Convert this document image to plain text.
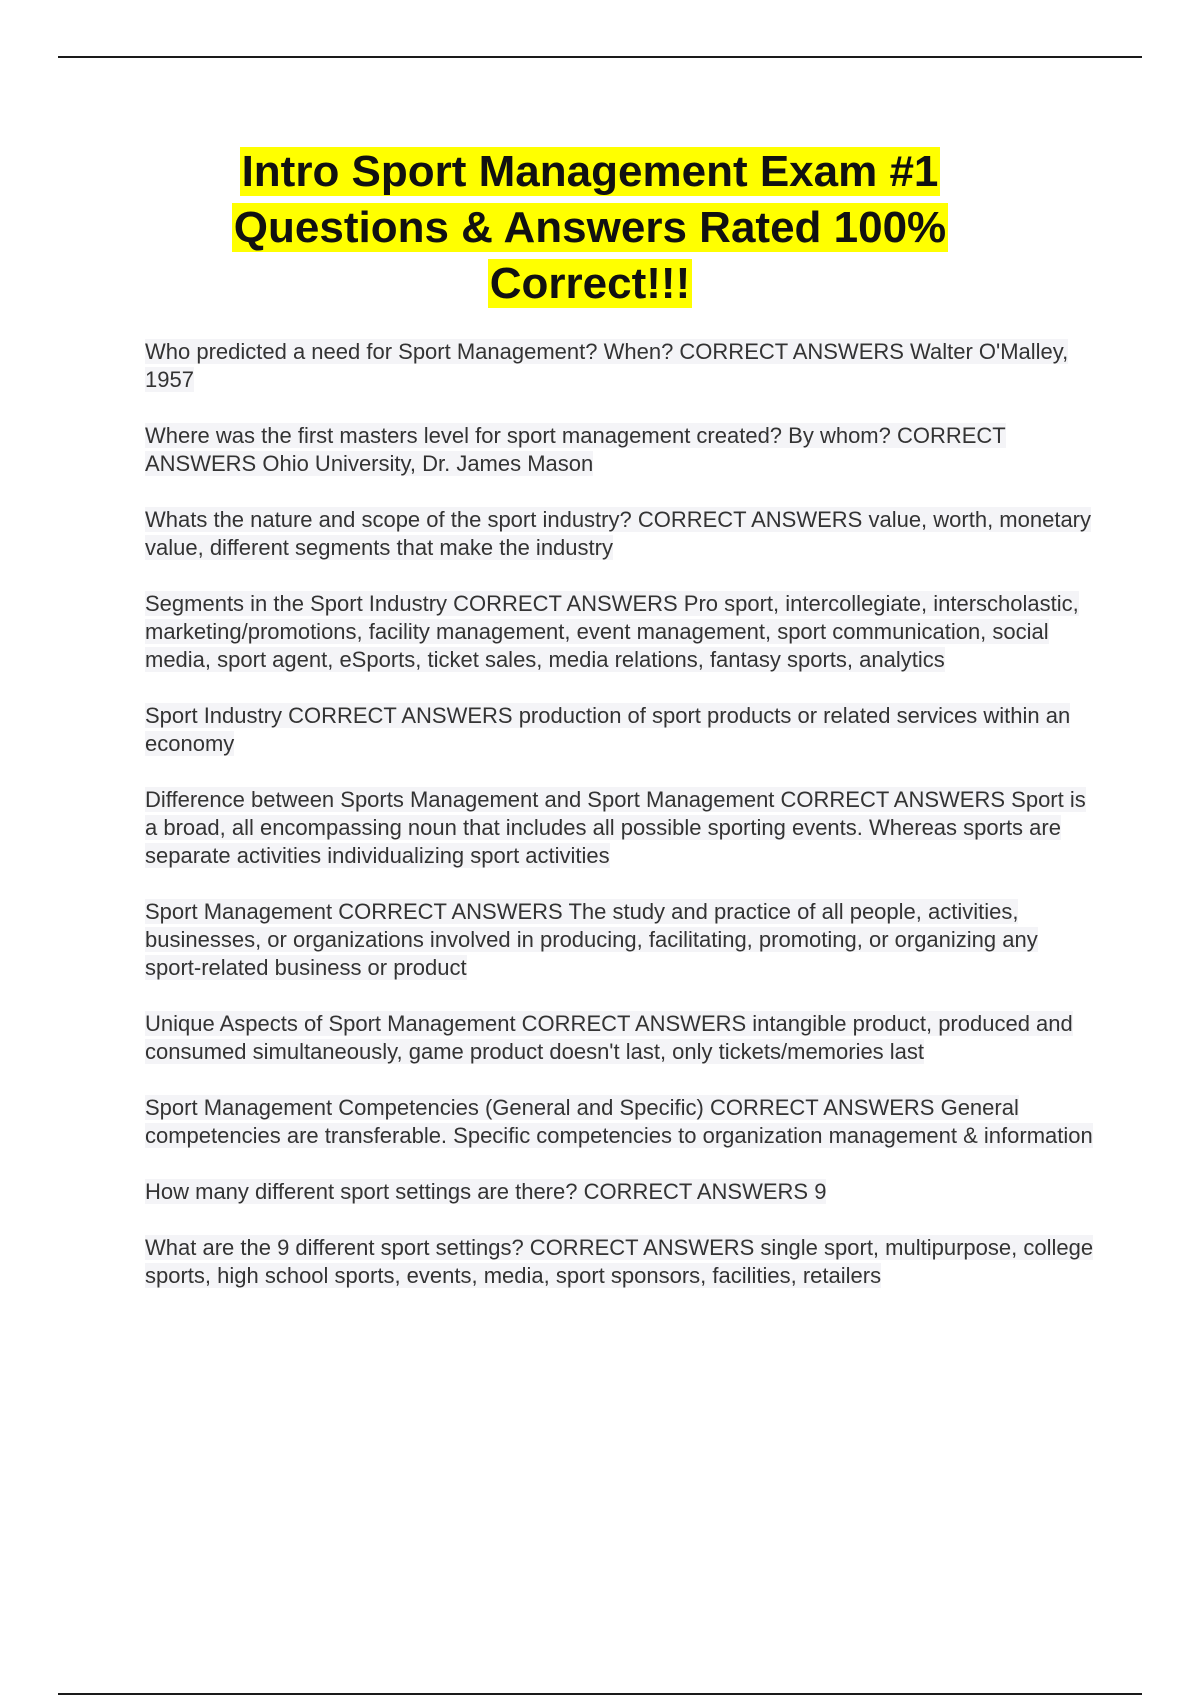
Intro Sport Management Exam #1
Questions & Answers Rated 100%
Correct!!!
Who predicted a need for Sport Management? When? CORRECT ANSWERS Walter O'Malley, 1957
Where was the first masters level for sport management created? By whom? CORRECT ANSWERS Ohio University, Dr. James Mason
Whats the nature and scope of the sport industry? CORRECT ANSWERS value, worth, monetary value, different segments that make the industry
Segments in the Sport Industry CORRECT ANSWERS Pro sport, intercollegiate, interscholastic, marketing/promotions, facility management, event management, sport communication, social media, sport agent, eSports, ticket sales, media relations, fantasy sports, analytics
Sport Industry CORRECT ANSWERS production of sport products or related services within an economy
Difference between Sports Management and Sport Management CORRECT ANSWERS Sport is a broad, all encompassing noun that includes all possible sporting events. Whereas sports are separate activities individualizing sport activities
Sport Management CORRECT ANSWERS The study and practice of all people, activities, businesses, or organizations involved in producing, facilitating, promoting, or organizing any sport-related business or product
Unique Aspects of Sport Management CORRECT ANSWERS intangible product, produced and consumed simultaneously, game product doesn't last, only tickets/memories last
Sport Management Competencies (General and Specific) CORRECT ANSWERS General competencies are transferable. Specific competencies to organization management & information
How many different sport settings are there? CORRECT ANSWERS 9
What are the 9 different sport settings? CORRECT ANSWERS single sport, multipurpose, college sports, high school sports, events, media, sport sponsors, facilities, retailers
